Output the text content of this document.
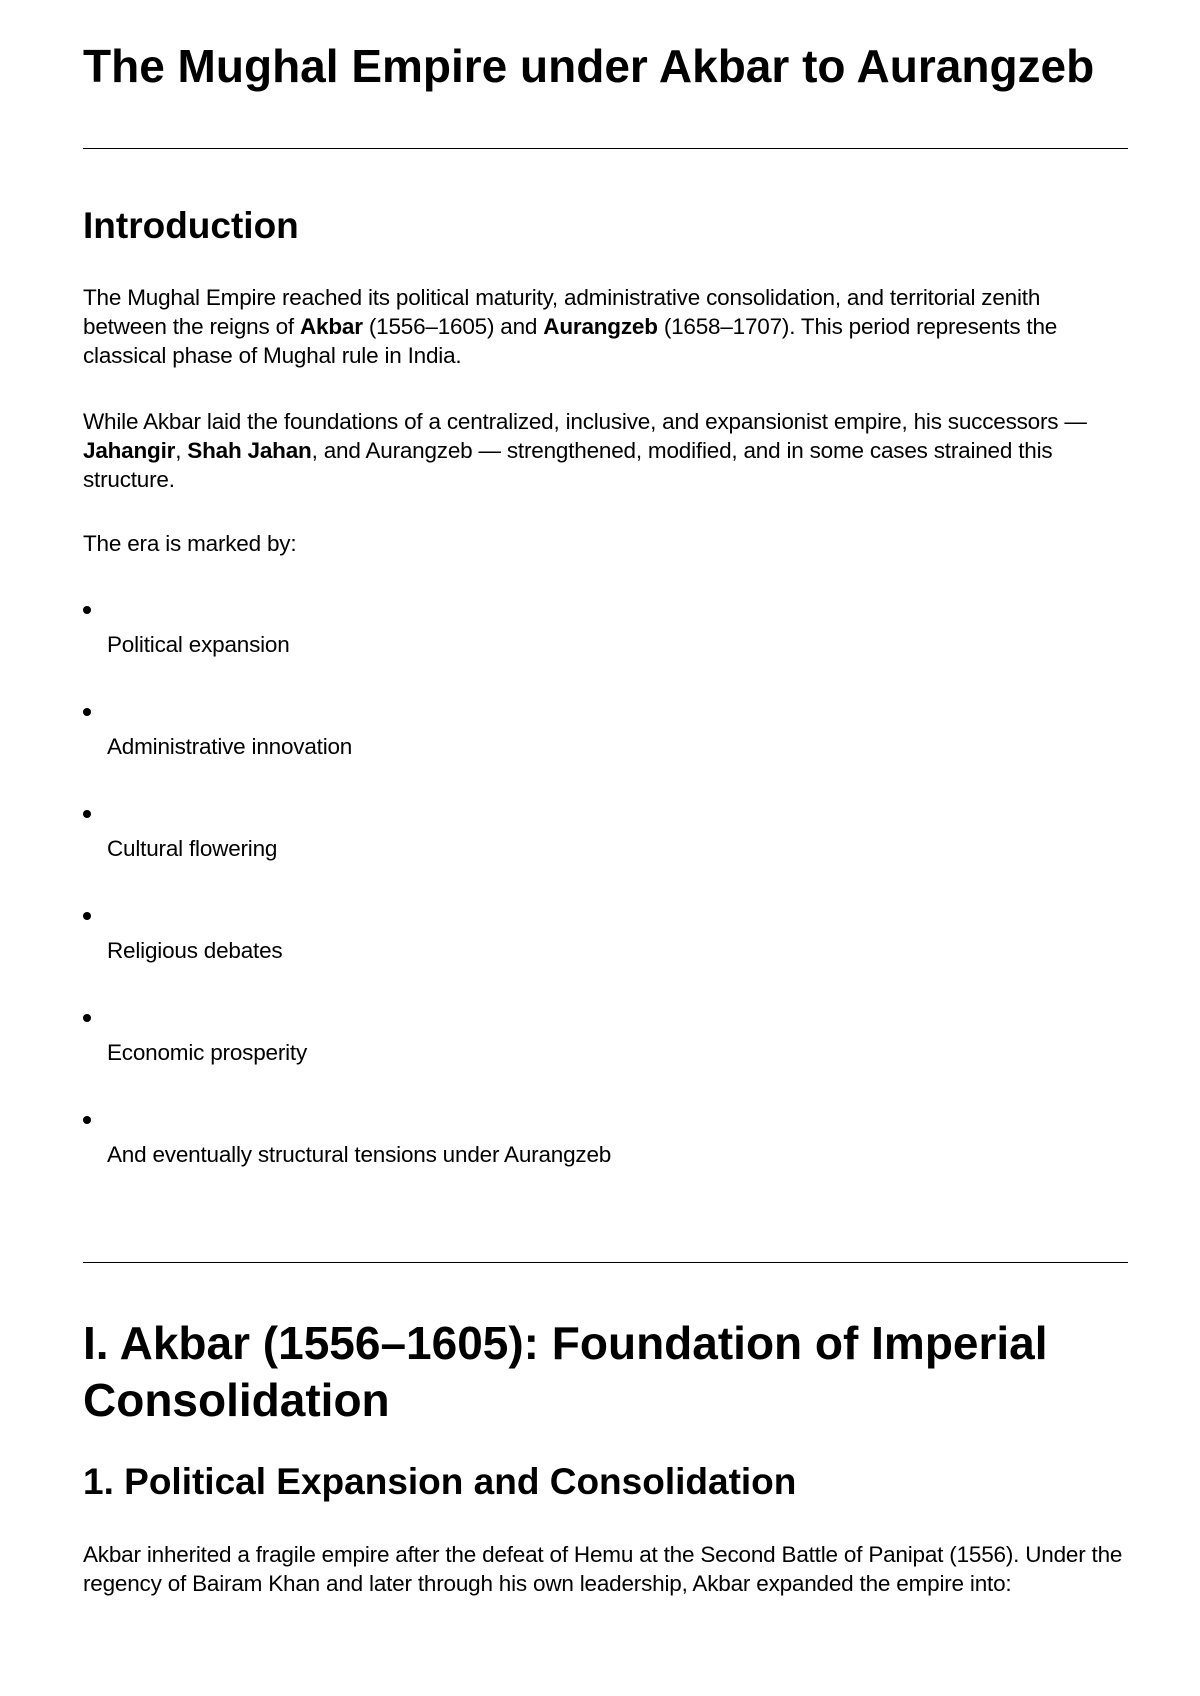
The Mughal Empire under Akbar to Aurangzeb
Introduction

The Mughal Empire reached its political maturity, administrative consolidation, and territorial zenith between the reigns of Akbar (1556–1605) and Aurangzeb (1658–1707). This period represents the classical phase of Mughal rule in India.

While Akbar laid the foundations of a centralized, inclusive, and expansionist empire, his successors — Jahangir, Shah Jahan, and Aurangzeb — strengthened, modified, and in some cases strained this structure.

The era is marked by:

Political expansion
Administrative innovation
Cultural flowering
Religious debates
Economic prosperity
And eventually structural tensions under Aurangzeb
I. Akbar (1556–1605): Foundation of Imperial Consolidation
1. Political Expansion and Consolidation

Akbar inherited a fragile empire after the defeat of Hemu at the Second Battle of Panipat (1556). Under the regency of Bairam Khan and later through his own leadership, Akbar expanded the empire into:
